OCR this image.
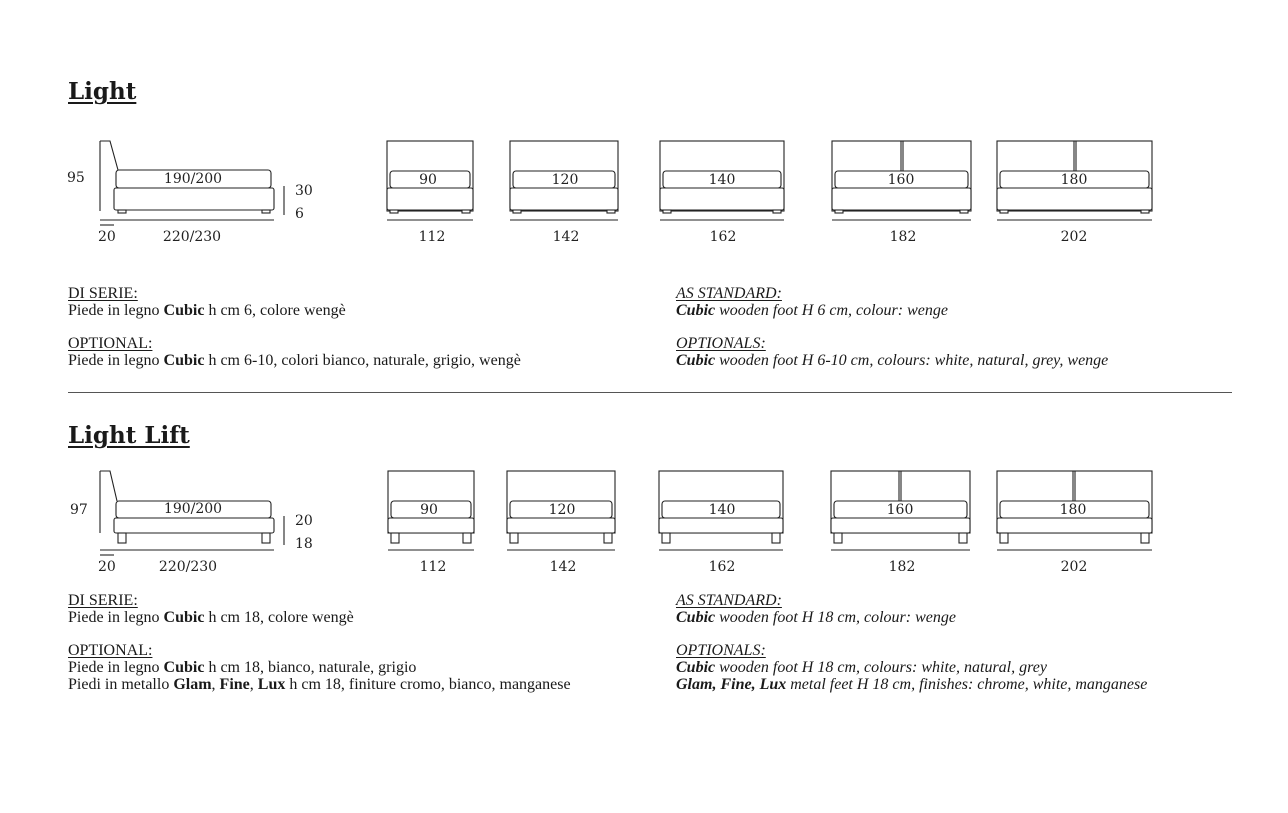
Light
Light Lift
95	190/200
20	220/230
30
6
90
112
120
142
140
162
160
182
180
202
97	190/200
20	220/230
20
18
90
112
120
142
140
162
160
182
180
202
DI SERIE:
Piede in legno Cubic h cm 6, colore wengè
OPTIONAL:
Piede in legno Cubic h cm 6-10, colori bianco, naturale, grigio, wengè
AS STANDARD:
Cubic wooden foot H 6 cm, colour: wenge
OPTIONALS:
Cubic wooden foot H 6-10 cm, colours: white, natural, grey, wenge
DI SERIE:
Piede in legno Cubic h cm 18, colore wengè
OPTIONAL:
Piede in legno Cubic h cm 18, bianco, naturale, grigio
Piedi in metallo Glam, Fine, Lux h cm 18, finiture cromo, bianco, manganese
AS STANDARD:
Cubic wooden foot H 18 cm, colour: wenge
OPTIONALS:
Cubic wooden foot H 18 cm, colours: white, natural, grey
Glam, Fine, Lux metal feet H 18 cm, finishes: chrome, white, manganese
